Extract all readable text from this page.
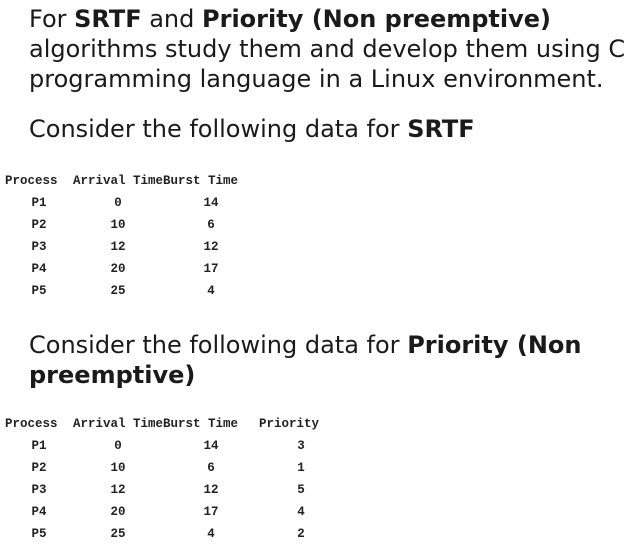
For SRTF and Priority (Non preemptive)
algorithms study them and develop them using C
programming language in a Linux environment.
Consider the following data for SRTF
Process	Arrival Time	Burst Time
P1	0	14
P2	10	6
P3	12	12
P4	20	17
P5	25	4
Consider the following data for Priority (Non
preemptive)
Process	Arrival Time	Burst Time	Priority
P1	0	14	3
P2	10	6	1
P3	12	12	5
P4	20	17	4
P5	25	4	2
